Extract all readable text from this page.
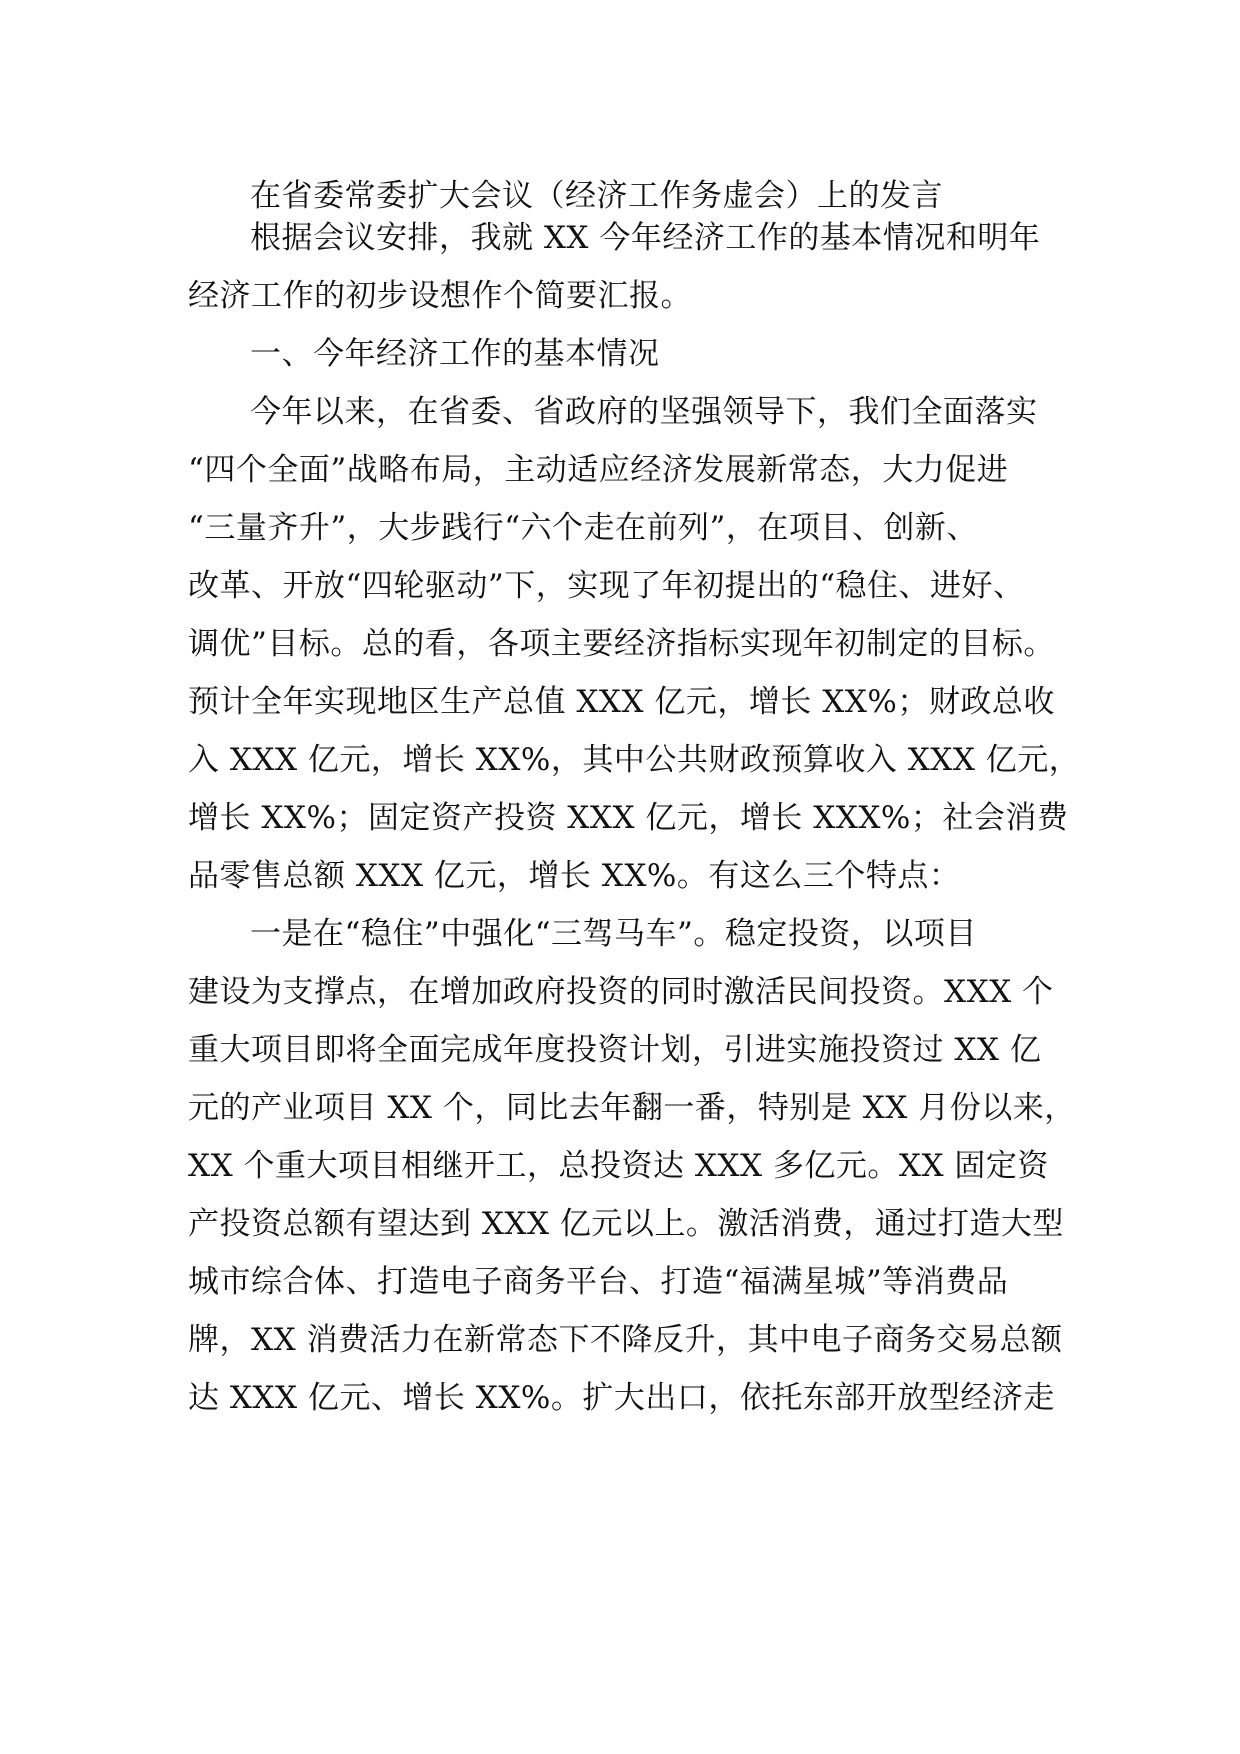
在省委常委扩大会议（经济工作务虚会）上的发言
根据会议安排，我就 XX 今年经济工作的基本情况和明年
经济工作的初步设想作个简要汇报。
一、今年经济工作的基本情况
今年以来，在省委、省政府的坚强领导下，我们全面落实
“四个全面”战略布局，主动适应经济发展新常态，大力促进
“三量齐升”，大步践行“六个走在前列”，在项目、创新、
改革、开放“四轮驱动”下，实现了年初提出的“稳住、进好、
调优”目标。总的看，各项主要经济指标实现年初制定的目标。
预计全年实现地区生产总值 XXX 亿元，增长 XX%；财政总收
入 XXX 亿元，增长 XX%，其中公共财政预算收入 XXX 亿元，
增长 XX%；固定资产投资 XXX 亿元，增长 XXX%；社会消费
品零售总额 XXX 亿元，增长 XX%。有这么三个特点：
一是在“稳住”中强化“三驾马车”。稳定投资，以项目
建设为支撑点，在增加政府投资的同时激活民间投资。XXX 个
重大项目即将全面完成年度投资计划，引进实施投资过 XX 亿
元的产业项目 XX 个，同比去年翻一番，特别是 XX 月份以来，
XX 个重大项目相继开工，总投资达 XXX 多亿元。XX 固定资
产投资总额有望达到 XXX 亿元以上。激活消费，通过打造大型
城市综合体、打造电子商务平台、打造“福满星城”等消费品
牌，XX 消费活力在新常态下不降反升，其中电子商务交易总额
达 XXX 亿元、增长 XX%。扩大出口，依托东部开放型经济走
